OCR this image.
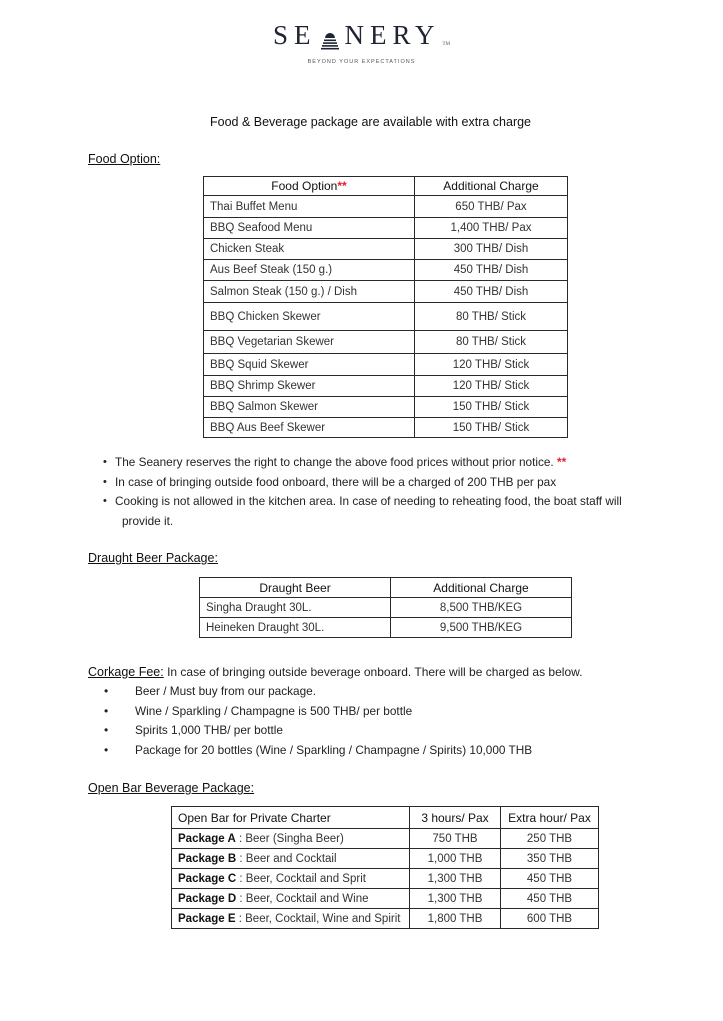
SE NERY TM
BEYOND YOUR EXPECTATIONS
Food & Beverage package are available with extra charge
Food Option:
Food Option**	Additional Charge
Thai Buffet Menu	650 THB/ Pax
BBQ Seafood Menu	1,400 THB/ Pax
Chicken Steak	300 THB/ Dish
Aus Beef Steak (150 g.)	450 THB/ Dish
Salmon Steak (150 g.) / Dish	450 THB/ Dish
BBQ Chicken Skewer	80 THB/ Stick
BBQ Vegetarian Skewer	80 THB/ Stick
BBQ Squid Skewer	120 THB/ Stick
BBQ Shrimp Skewer	120 THB/ Stick
BBQ Salmon Skewer	150 THB/ Stick
BBQ Aus Beef Skewer	150 THB/ Stick
• The Seanery reserves the right to change the above food prices without prior notice. **
• In case of bringing outside food onboard, there will be a charged of 200 THB per pax
• Cooking is not allowed in the kitchen area. In case of needing to reheating food, the boat staff will
provide it.
Draught Beer Package:
Draught Beer	Additional Charge
Singha Draught 30L.	8,500 THB/KEG
Heineken Draught 30L.	9,500 THB/KEG
Corkage Fee: In case of bringing outside beverage onboard. There will be charged as below.
• Beer / Must buy from our package.
• Wine / Sparkling / Champagne is 500 THB/ per bottle
• Spirits 1,000 THB/ per bottle
• Package for 20 bottles (Wine / Sparkling / Champagne / Spirits) 10,000 THB
Open Bar Beverage Package:
Open Bar for Private Charter	3 hours/ Pax	Extra hour/ Pax
Package A : Beer (Singha Beer)	750 THB	250 THB
Package B : Beer and Cocktail	1,000 THB	350 THB
Package C : Beer, Cocktail and Sprit	1,300 THB	450 THB
Package D : Beer, Cocktail and Wine	1,300 THB	450 THB
Package E : Beer, Cocktail, Wine and Spirit	1,800 THB	600 THB
